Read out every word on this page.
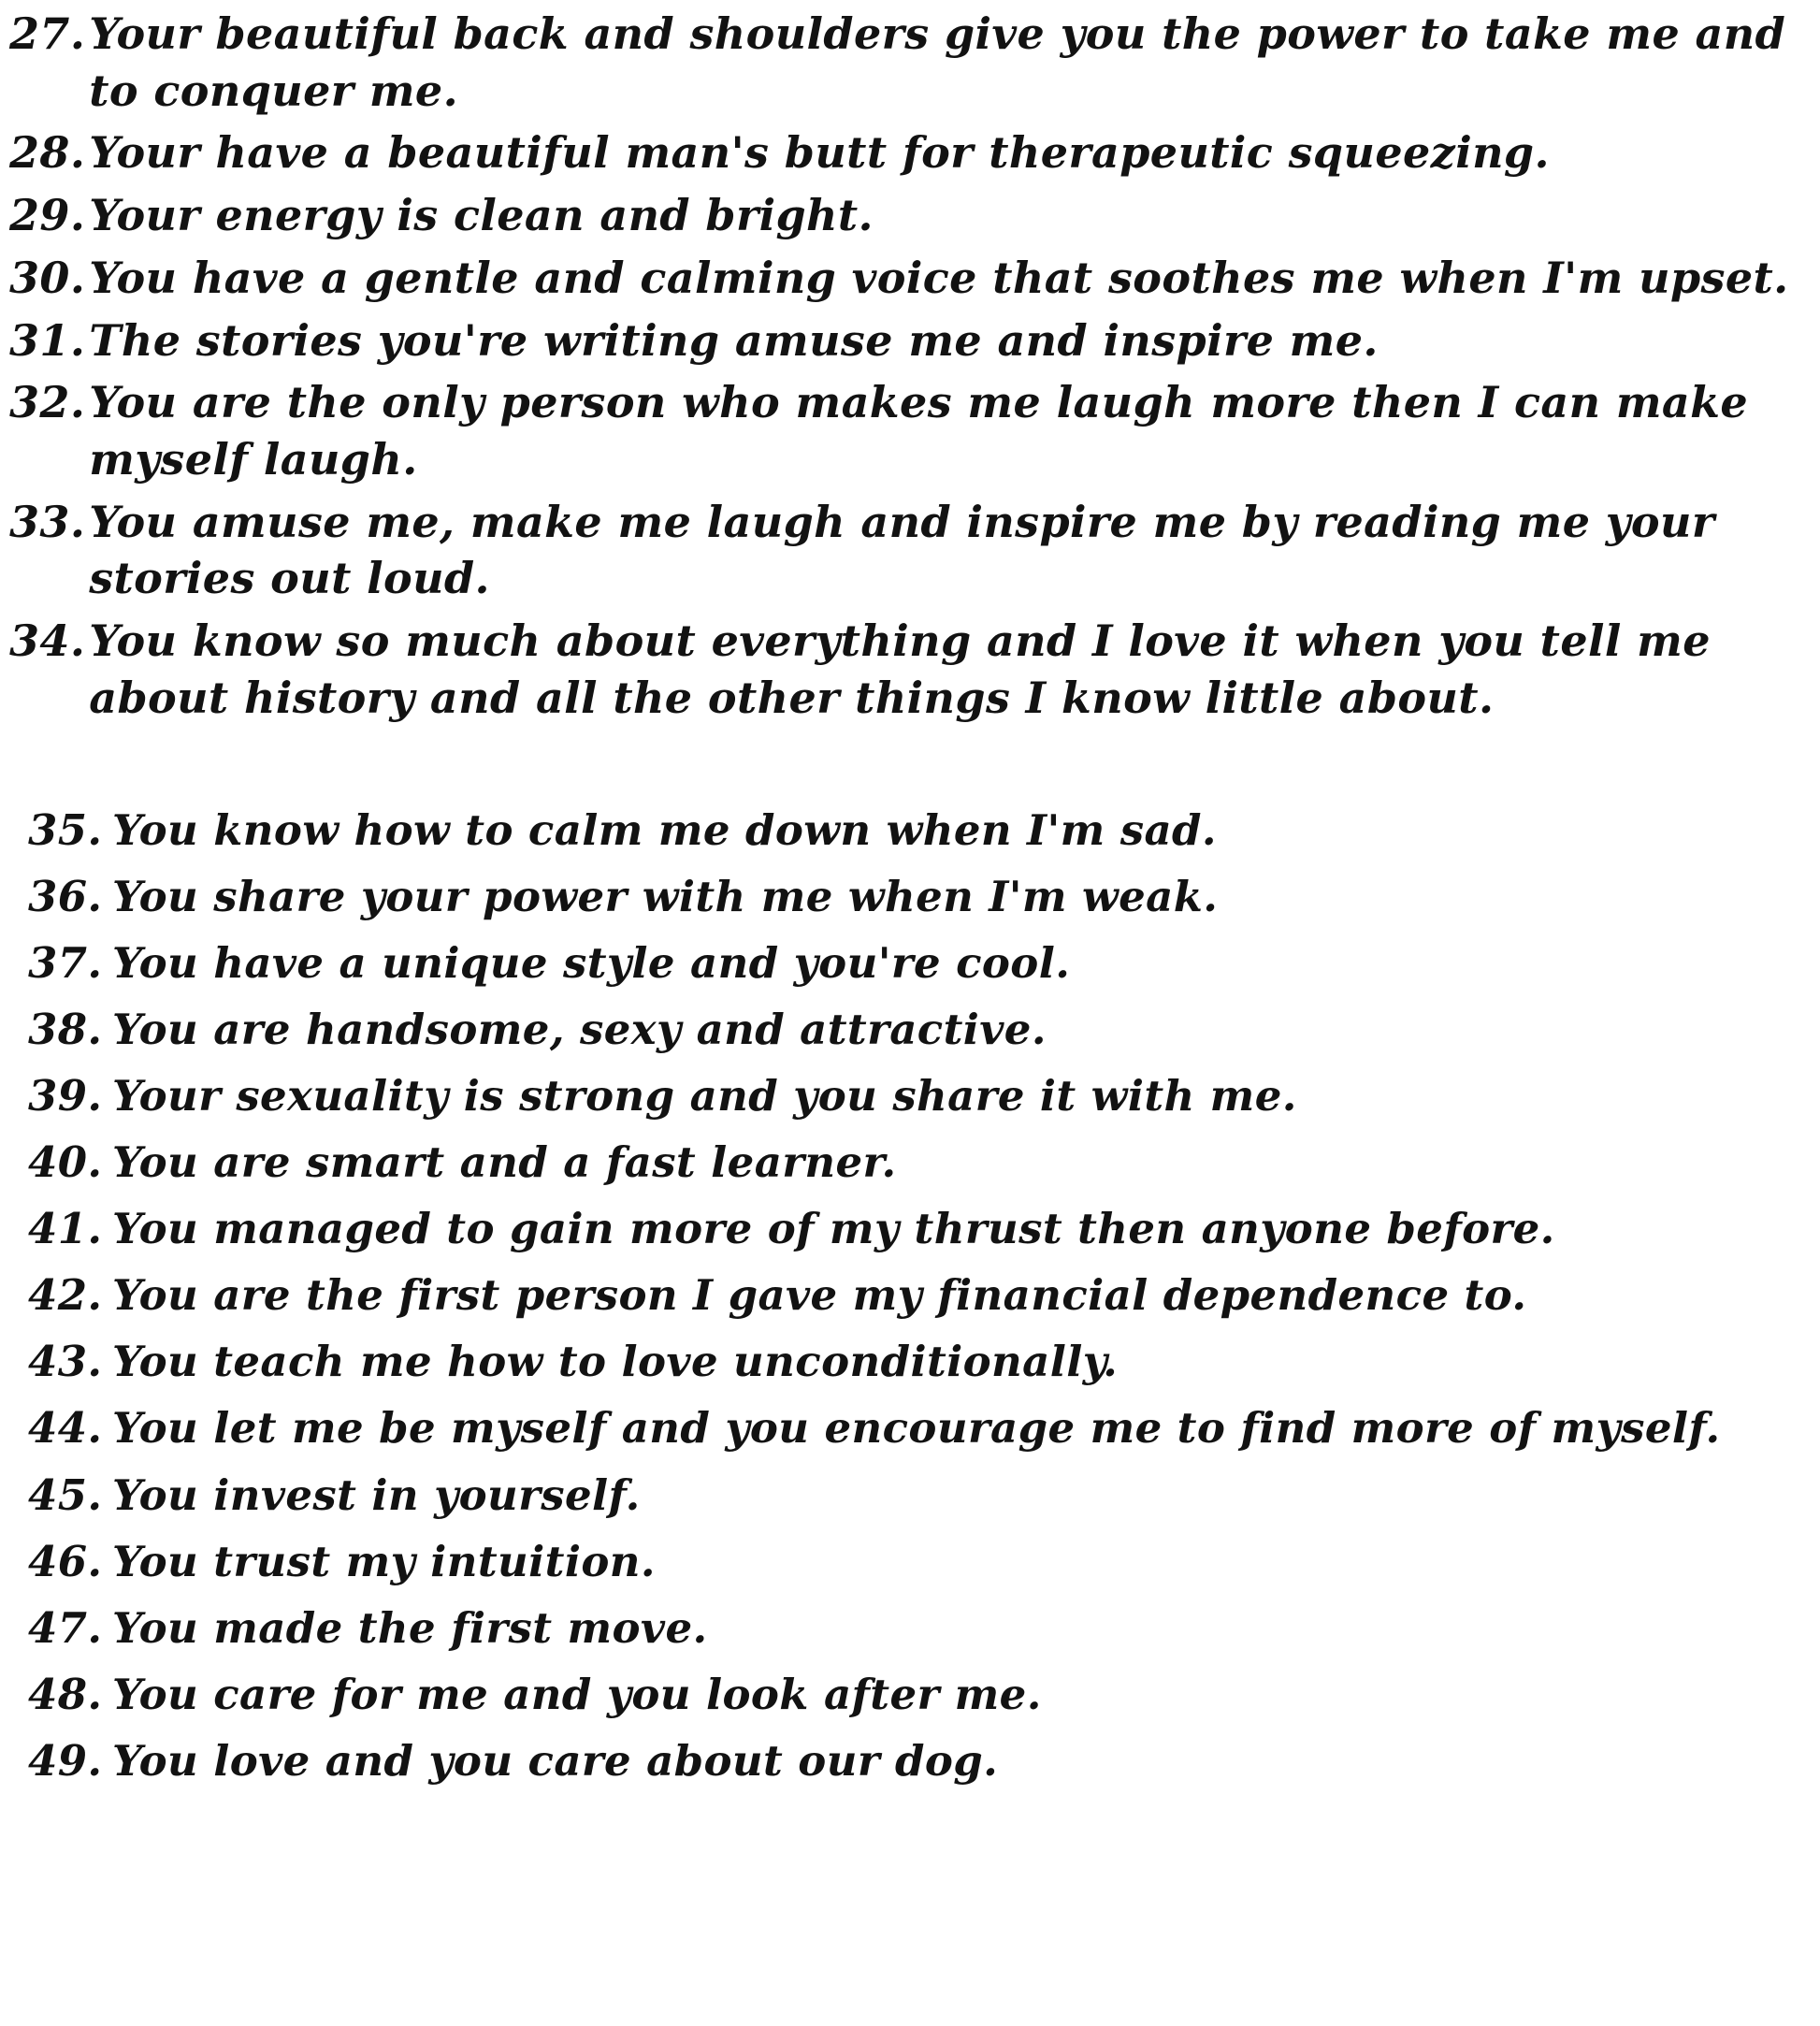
27. Your beautiful back and shoulders give you the power to take me and to conquer me.
28. Your have a beautiful man's butt for therapeutic squeezing.
29. Your energy is clean and bright.
30. You have a gentle and calming voice that soothes me when I'm upset.
31. The stories you're writing amuse me and inspire me.
32. You are the only person who makes me laugh more then I can make myself laugh.
33. You amuse me, make me laugh and inspire me by reading me your stories out loud.
34. You know so much about everything and I love it when you tell me about history and all the other things I know little about.
35. You know how to calm me down when I'm sad.
36. You share your power with me when I'm weak.
37. You have a unique style and you're cool.
38. You are handsome, sexy and attractive.
39. Your sexuality is strong and you share it with me.
40. You are smart and a fast learner.
41. You managed to gain more of my thrust then anyone before.
42. You are the first person I gave my financial dependence to.
43. You teach me how to love unconditionally.
44. You let me be myself and you encourage me to find more of myself.
45. You invest in yourself.
46. You trust my intuition.
47. You made the first move.
48. You care for me and you look after me.
49. You love and you care about our dog.
